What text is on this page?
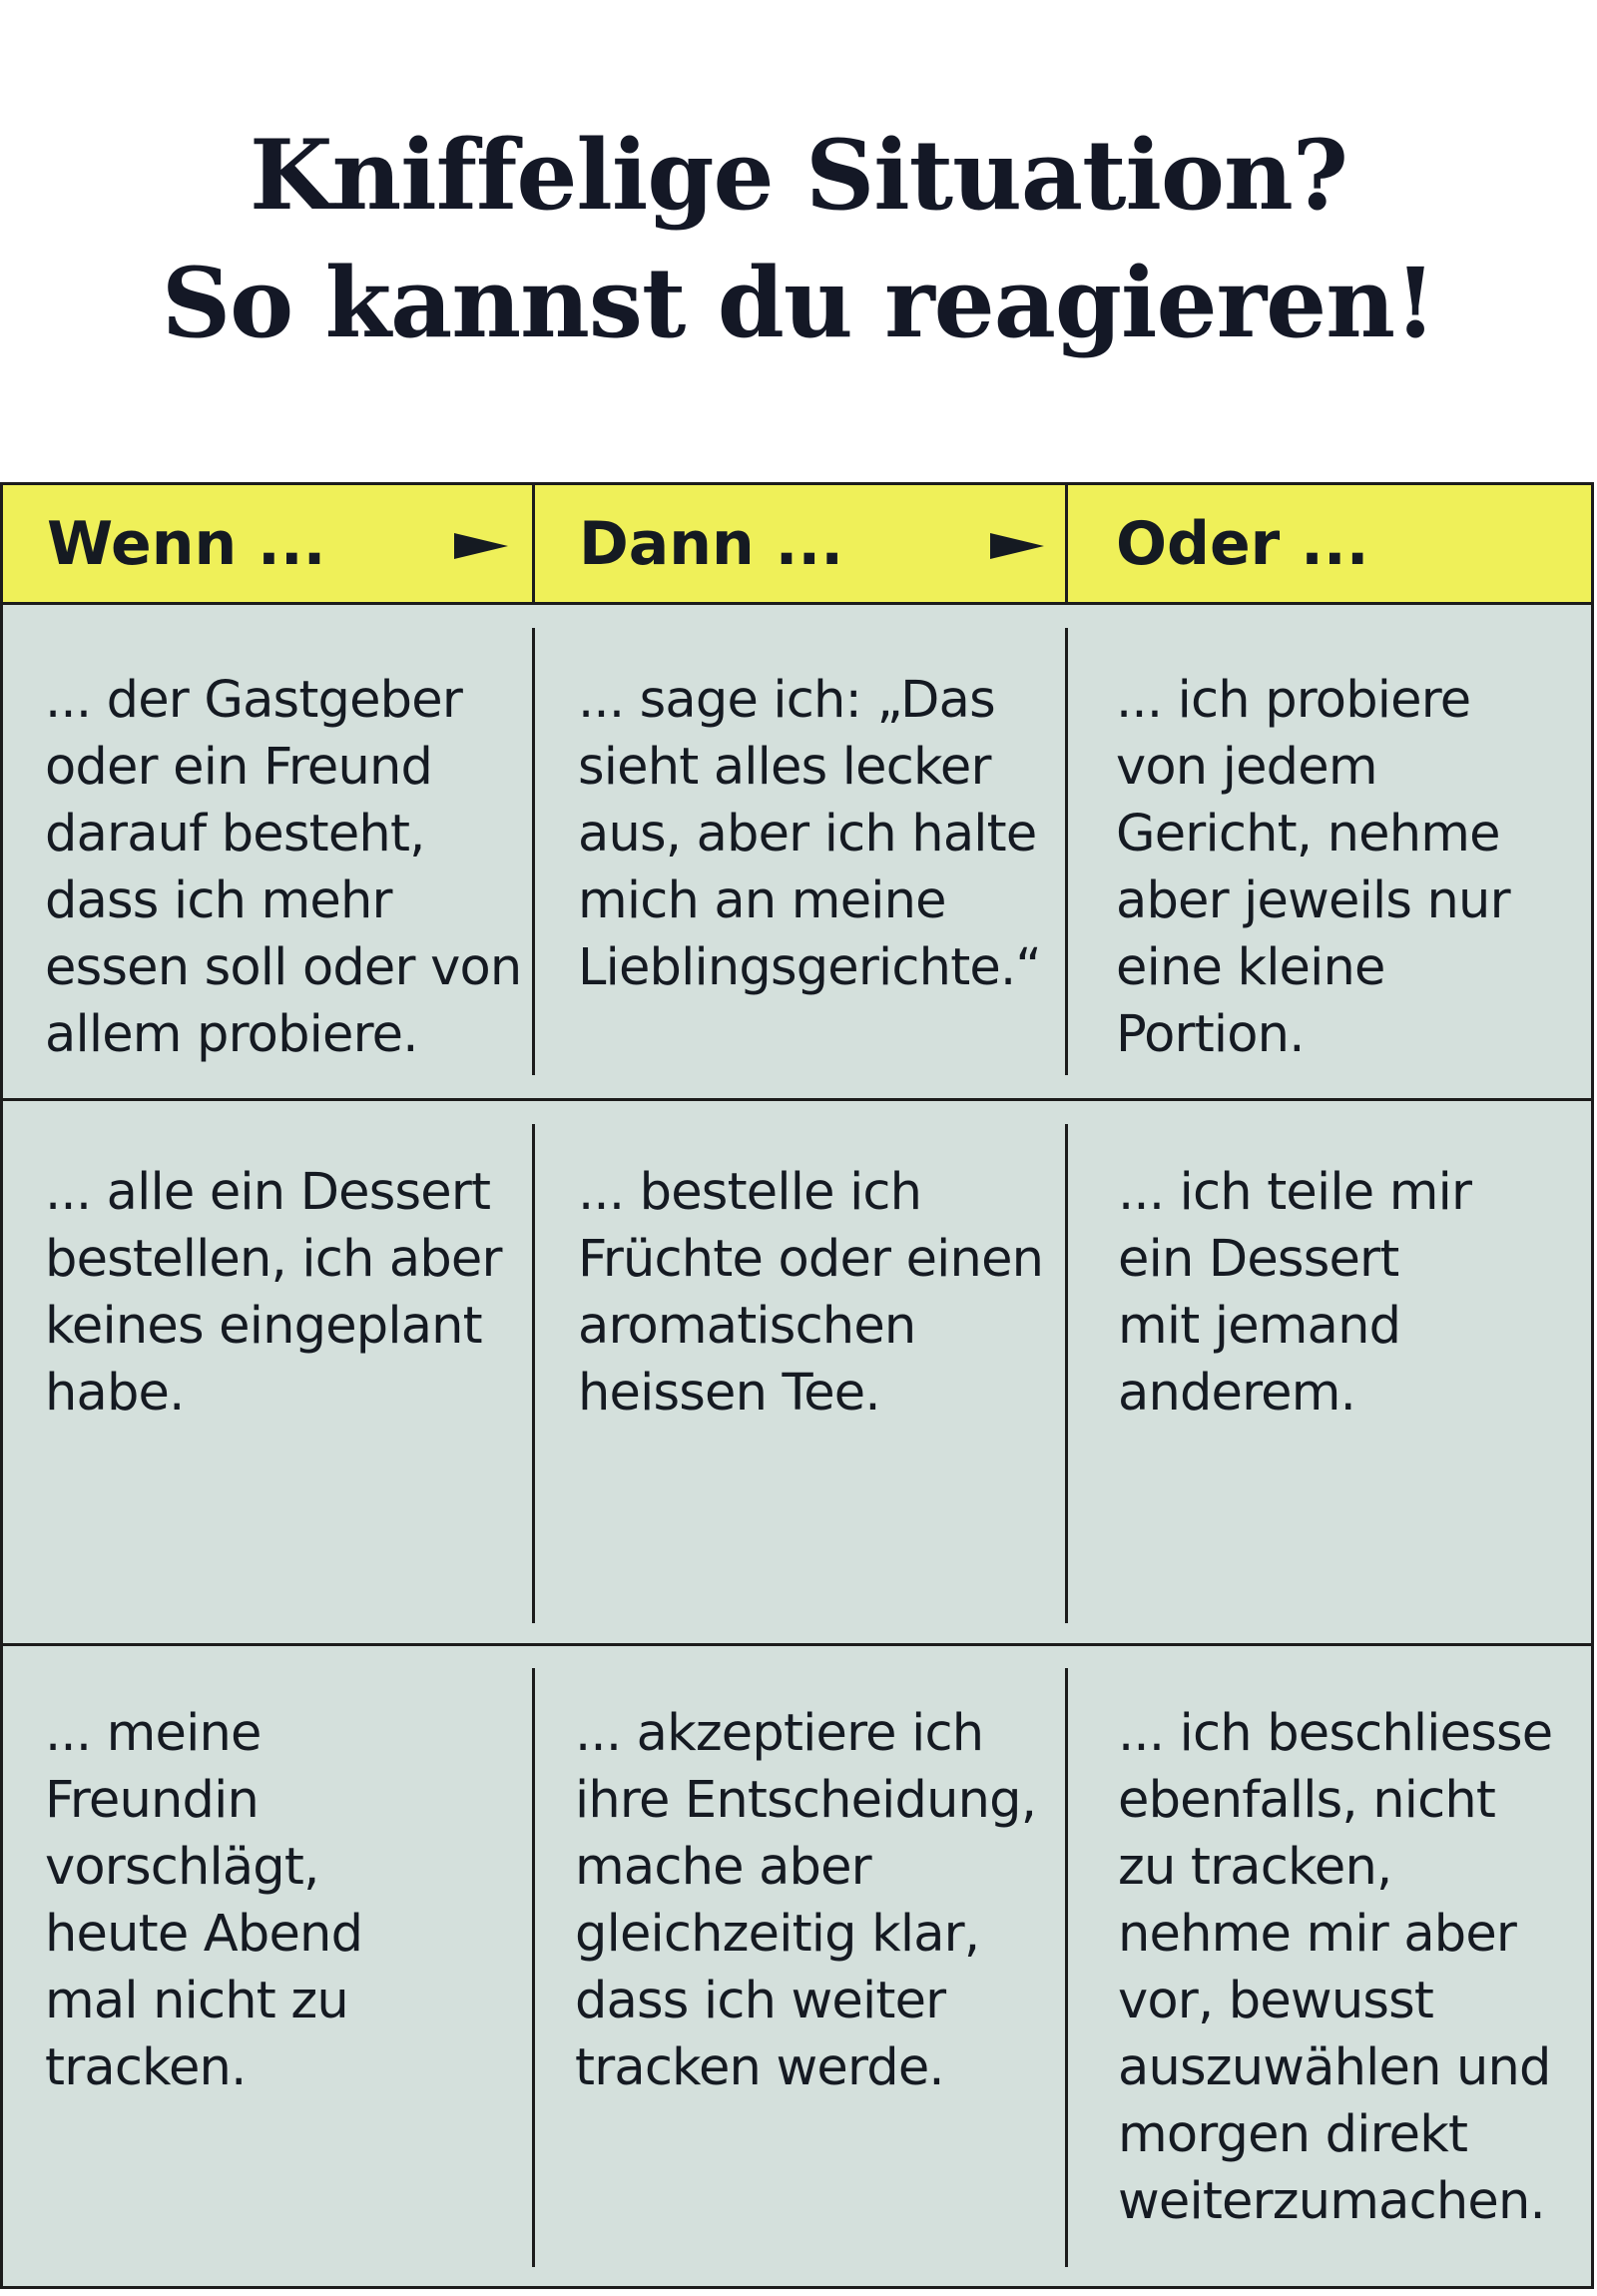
Kniffelige Situation?
So kannst du reagieren!
Wenn ...	Dann ...	Oder ...
... der Gastgeber
oder ein Freund
darauf besteht,
dass ich mehr
essen soll oder von
allem probiere.
... sage ich: „Das
sieht alles lecker
aus, aber ich halte
mich an meine
Lieblingsgerichte.“
... ich probiere
von jedem
Gericht, nehme
aber jeweils nur
eine kleine
Portion.
... alle ein Dessert
bestellen, ich aber
keines eingeplant
habe.
... bestelle ich
Früchte oder einen
aromatischen
heissen Tee.
... ich teile mir
ein Dessert
mit jemand
anderem.
... meine
Freundin
vorschlägt,
heute Abend
mal nicht zu
tracken.
... akzeptiere ich
ihre Entscheidung,
mache aber
gleichzeitig klar,
dass ich weiter
tracken werde.
... ich beschliesse
ebenfalls, nicht
zu tracken,
nehme mir aber
vor, bewusst
auszuwählen und
morgen direkt
weiterzumachen.
